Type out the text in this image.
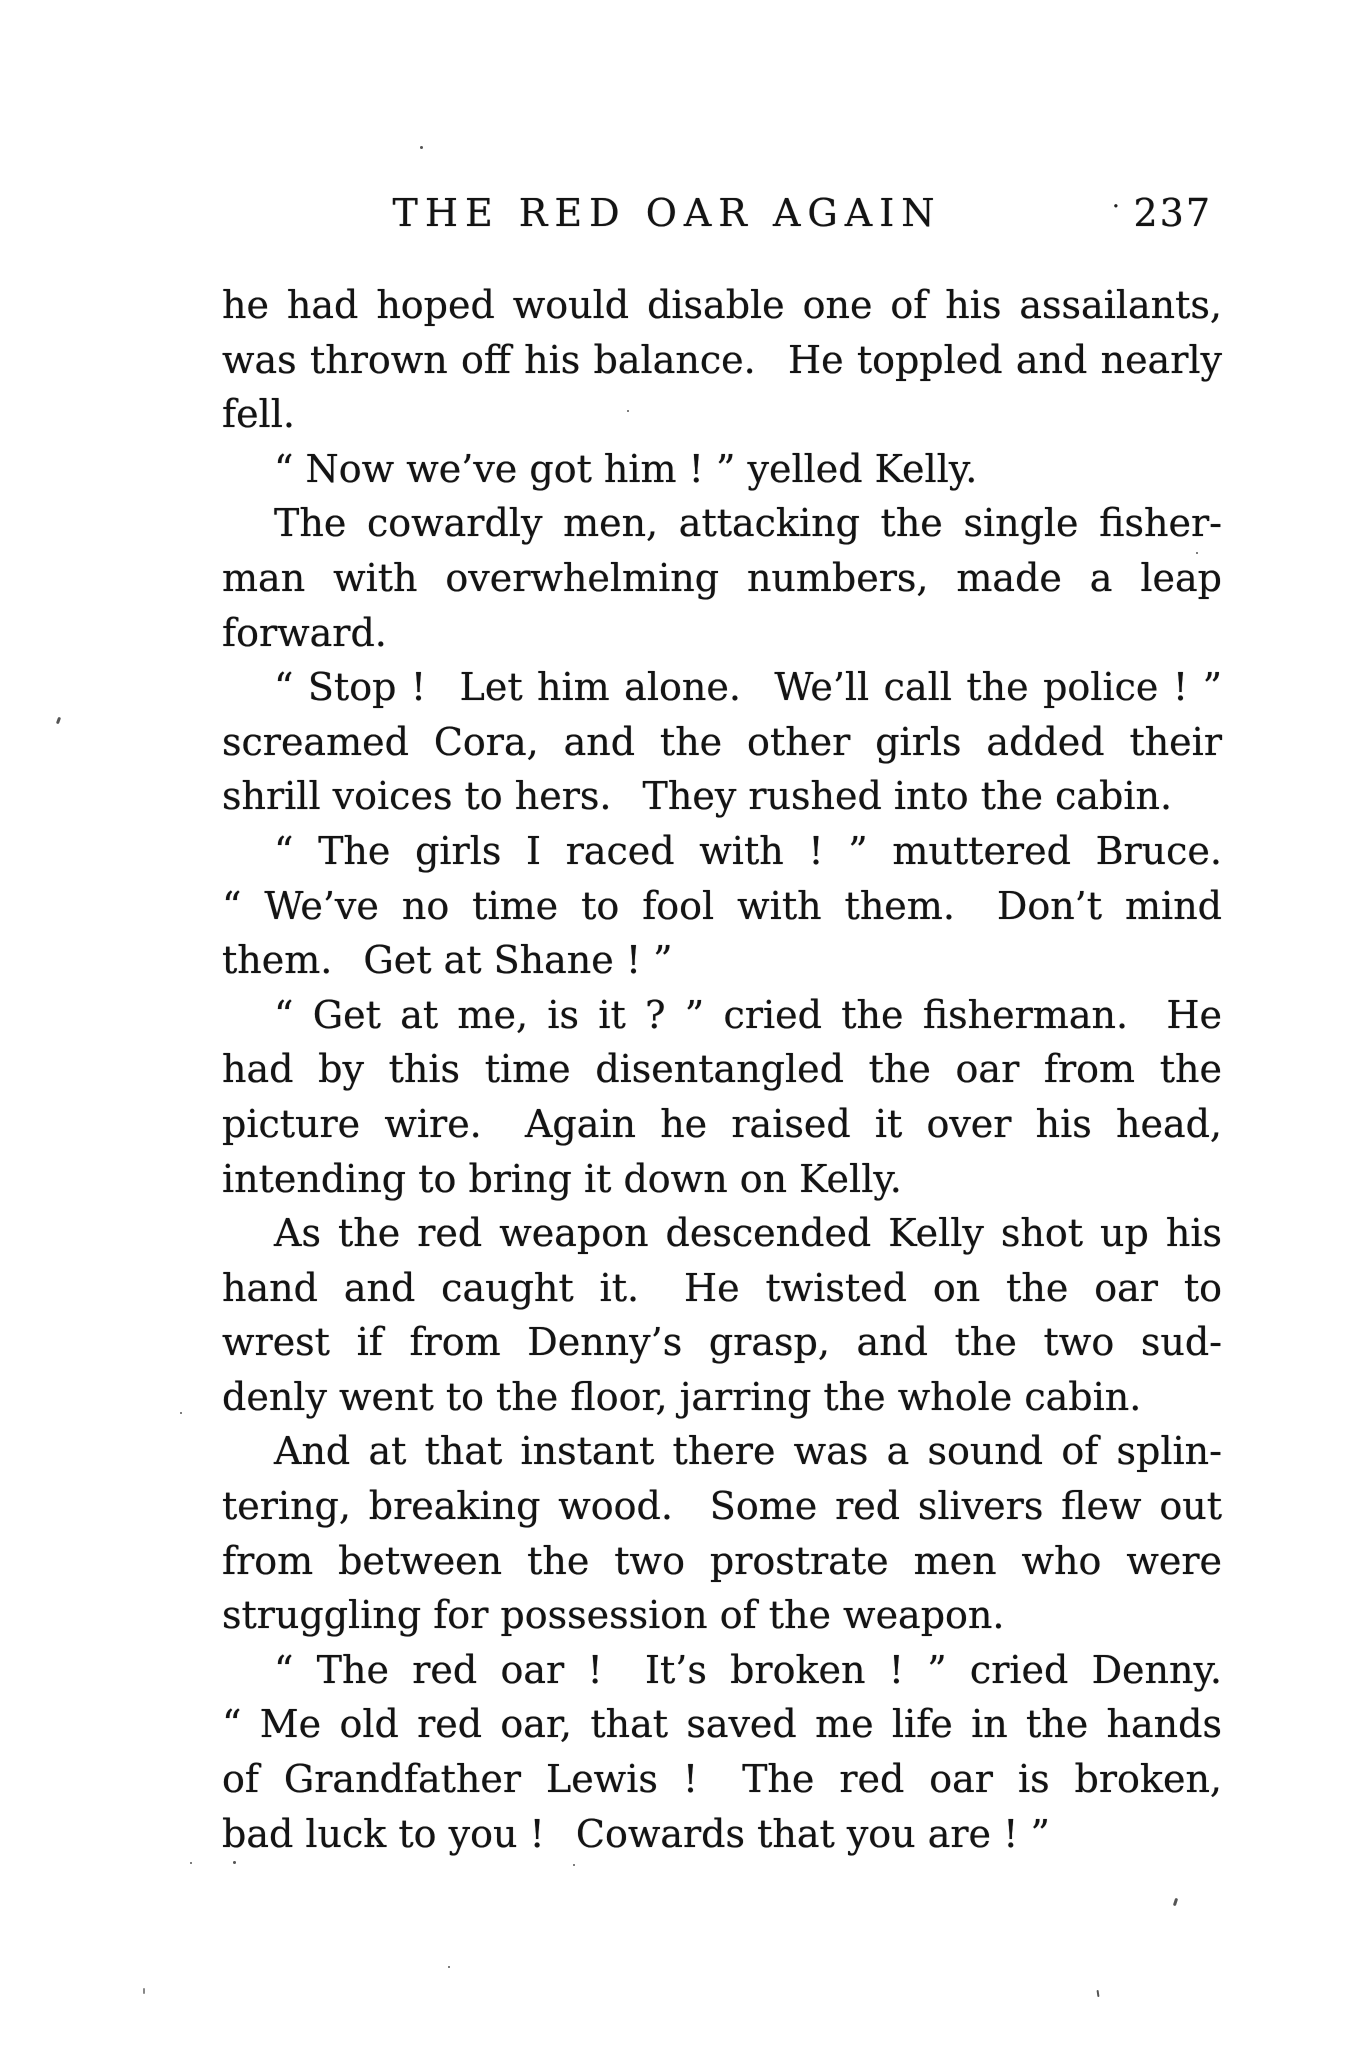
THE RED OAR AGAIN	· 237
he had hoped would disable one of his assailants,
was thrown off his balance.  He toppled and nearly
fell.
“ Now we’ve got him ! ” yelled Kelly.
The cowardly men, attacking the single fisher-
man with overwhelming numbers, made a leap
forward.
“ Stop !  Let him alone.  We’ll call the police ! ”
screamed Cora, and the other girls added their
shrill voices to hers.  They rushed into the cabin.
“ The girls I raced with ! ” muttered Bruce.
“ We’ve no time to fool with them.  Don’t mind
them.  Get at Shane ! ”
“ Get at me, is it ? ” cried the fisherman.  He
had by this time disentangled the oar from the
picture wire.  Again he raised it over his head,
intending to bring it down on Kelly.
As the red weapon descended Kelly shot up his
hand and caught it.  He twisted on the oar to
wrest if from Denny’s grasp, and the two sud-
denly went to the floor, jarring the whole cabin.
And at that instant there was a sound of splin-
tering, breaking wood.  Some red slivers flew out
from between the two prostrate men who were
struggling for possession of the weapon.
“ The red oar !  It’s broken ! ” cried Denny.
“ Me old red oar, that saved me life in the hands
of Grandfather Lewis !  The red oar is broken,
bad luck to you !  Cowards that you are ! ”
